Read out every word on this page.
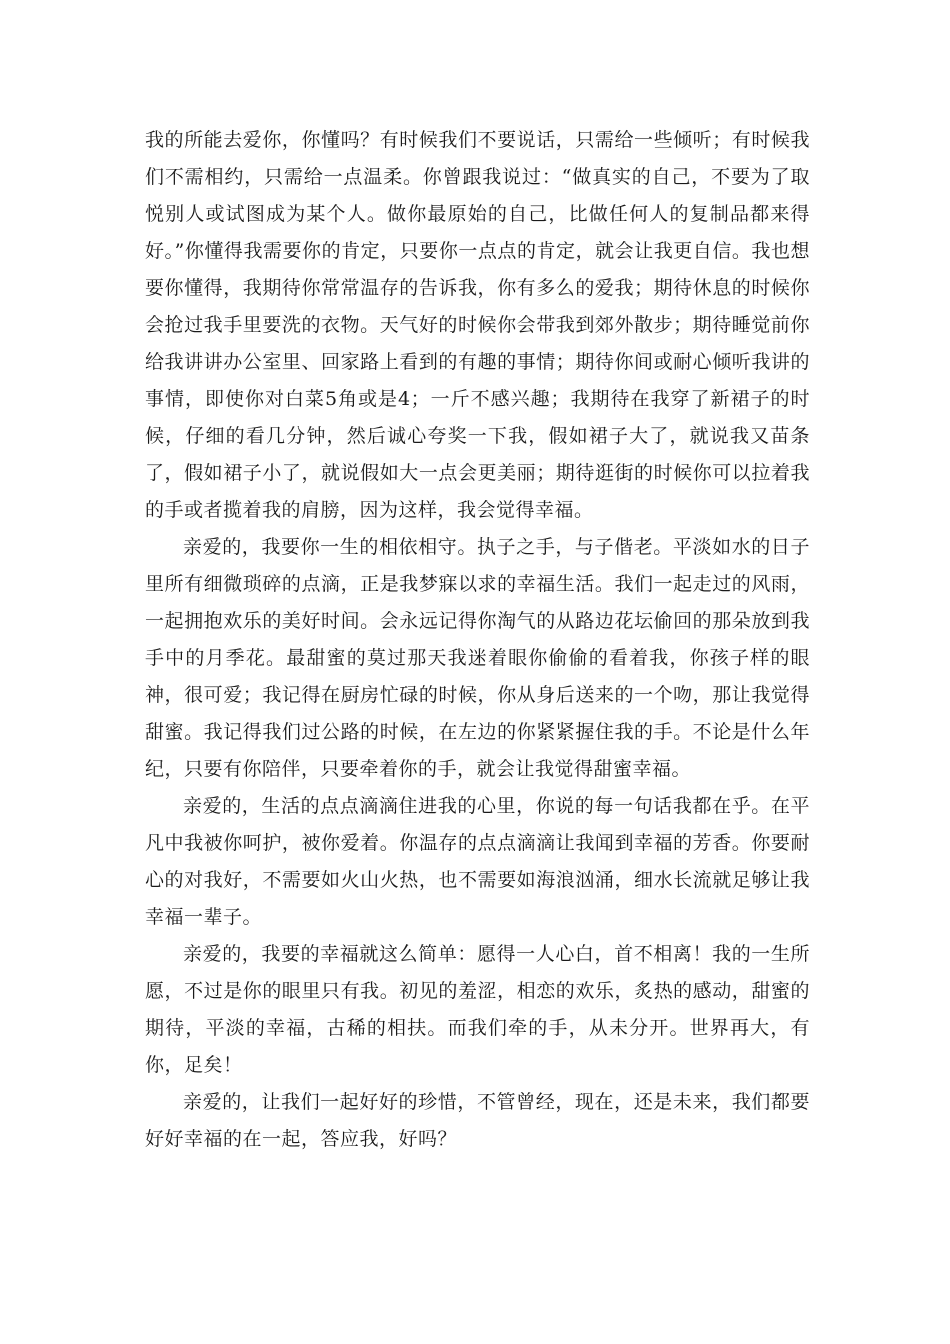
我的所能去爱你，你懂吗？有时候我们不要说话，只需给一些倾听；有时候我们不需相约，只需给一点温柔。你曾跟我说过：“做真实的自己，不要为了取悦别人或试图成为某个人。做你最原始的自己，比做任何人的复制品都来得好。”你懂得我需要你的肯定，只要你一点点的肯定，就会让我更自信。我也想要你懂得，我期待你常常温存的告诉我，你有多么的爱我；期待休息的时候你会抢过我手里要洗的衣物。天气好的时候你会带我到郊外散步；期待睡觉前你给我讲讲办公室里、回家路上看到的有趣的事情；期待你间或耐心倾听我讲的事情，即使你对白菜5角或是4；一斤不感兴趣；我期待在我穿了新裙子的时候，仔细的看几分钟，然后诚心夸奖一下我，假如裙子大了，就说我又苗条了，假如裙子小了，就说假如大一点会更美丽；期待逛街的时候你可以拉着我的手或者揽着我的肩膀，因为这样，我会觉得幸福。

亲爱的，我要你一生的相依相守。执子之手，与子偕老。平淡如水的日子里所有细微琐碎的点滴，正是我梦寐以求的幸福生活。我们一起走过的风雨，一起拥抱欢乐的美好时间。会永远记得你淘气的从路边花坛偷回的那朵放到我手中的月季花。最甜蜜的莫过那天我迷着眼你偷偷的看着我，你孩子样的眼神，很可爱；我记得在厨房忙碌的时候，你从身后送来的一个吻，那让我觉得甜蜜。我记得我们过公路的时候，在左边的你紧紧握住我的手。不论是什么年纪，只要有你陪伴，只要牵着你的手，就会让我觉得甜蜜幸福。

亲爱的，生活的点点滴滴住进我的心里，你说的每一句话我都在乎。在平凡中我被你呵护，被你爱着。你温存的点点滴滴让我闻到幸福的芳香。你要耐心的对我好，不需要如火山火热，也不需要如海浪汹涌，细水长流就足够让我幸福一辈子。

亲爱的，我要的幸福就这么简单：愿得一人心白，首不相离！我的一生所愿，不过是你的眼里只有我。初见的羞涩，相恋的欢乐，炙热的感动，甜蜜的期待，平淡的幸福，古稀的相扶。而我们牵的手，从未分开。世界再大，有你，足矣！

亲爱的，让我们一起好好的珍惜，不管曾经，现在，还是未来，我们都要好好幸福的在一起，答应我，好吗？
